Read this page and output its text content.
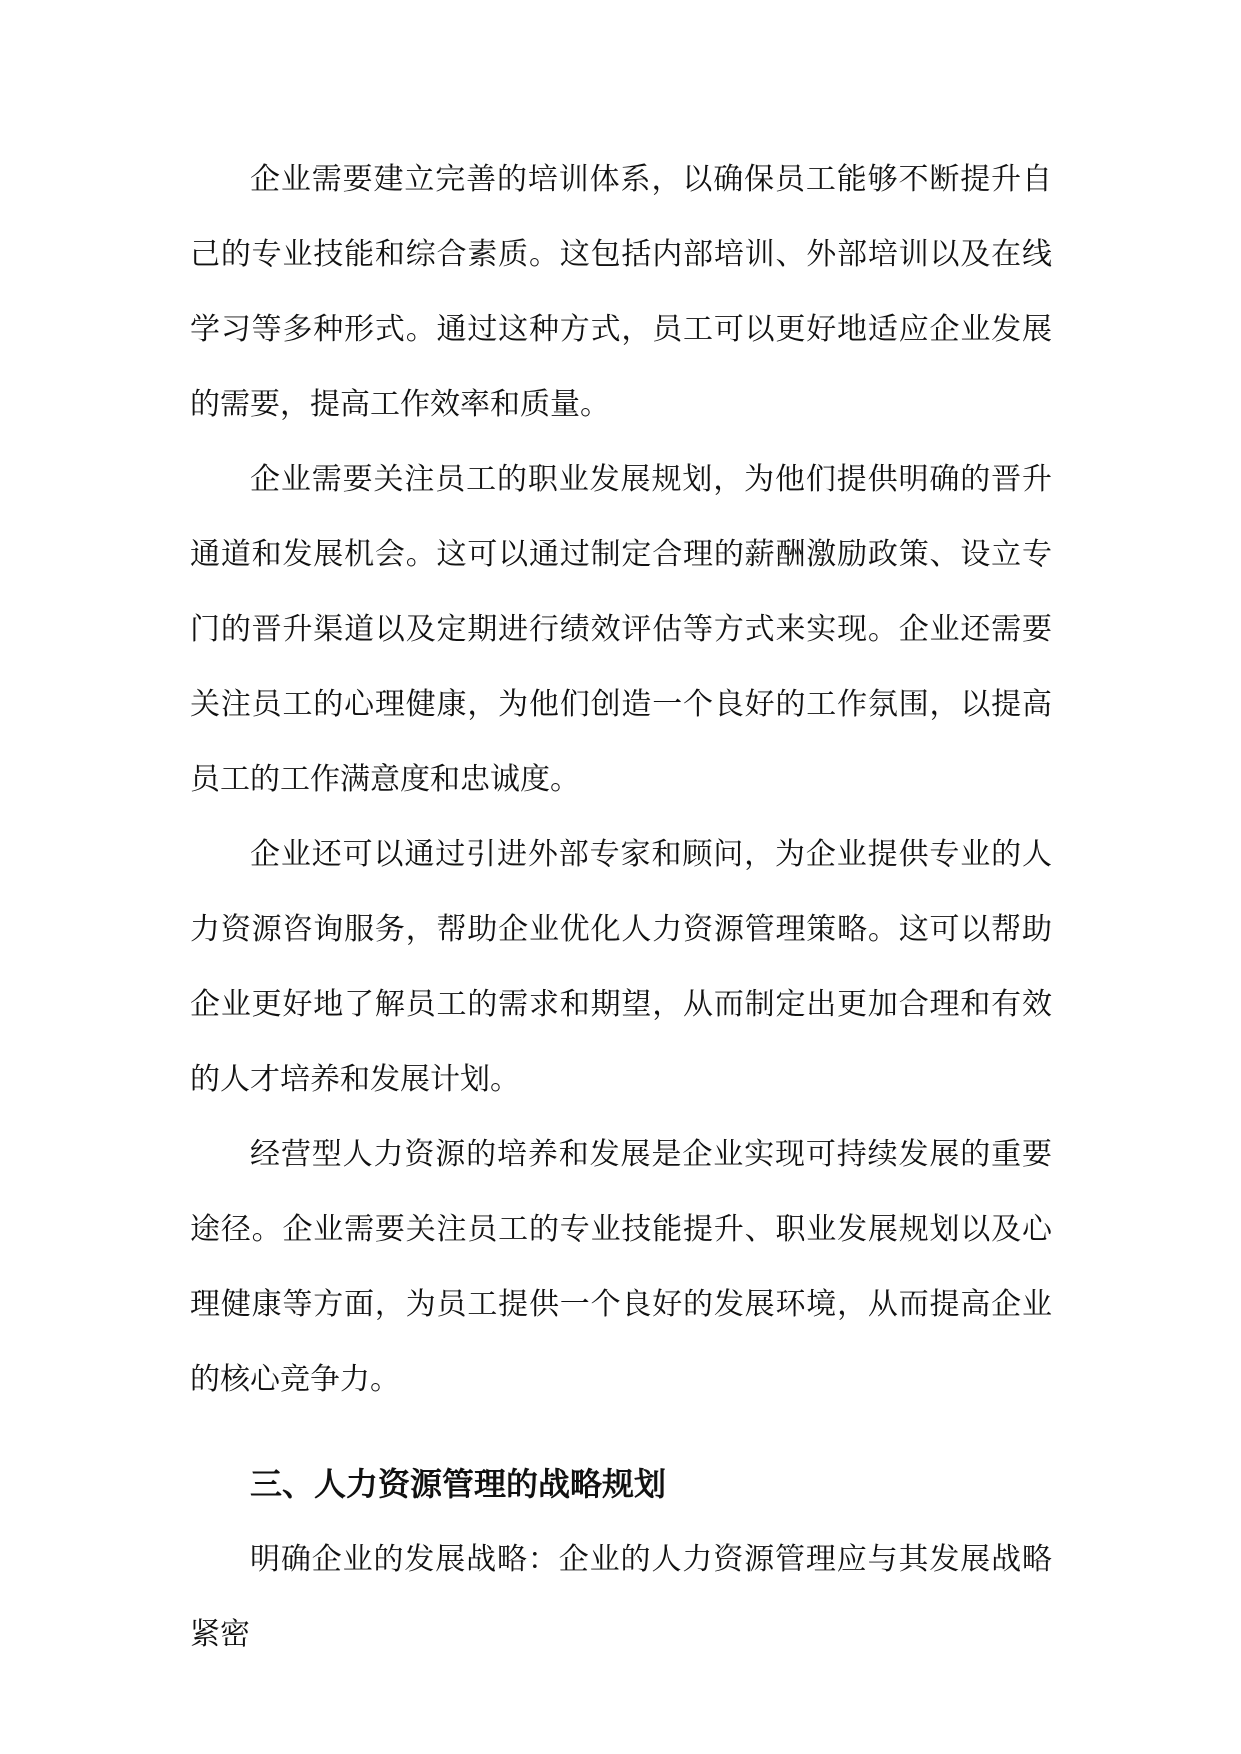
企业需要建立完善的培训体系，以确保员工能够不断提升自己的专业技能和综合素质。这包括内部培训、外部培训以及在线学习等多种形式。通过这种方式，员工可以更好地适应企业发展的需要，提高工作效率和质量。

企业需要关注员工的职业发展规划，为他们提供明确的晋升通道和发展机会。这可以通过制定合理的薪酬激励政策、设立专门的晋升渠道以及定期进行绩效评估等方式来实现。企业还需要关注员工的心理健康，为他们创造一个良好的工作氛围，以提高员工的工作满意度和忠诚度。

企业还可以通过引进外部专家和顾问，为企业提供专业的人力资源咨询服务，帮助企业优化人力资源管理策略。这可以帮助企业更好地了解员工的需求和期望，从而制定出更加合理和有效的人才培养和发展计划。

经营型人力资源的培养和发展是企业实现可持续发展的重要途径。企业需要关注员工的专业技能提升、职业发展规划以及心理健康等方面，为员工提供一个良好的发展环境，从而提高企业的核心竞争力。

三、人力资源管理的战略规划

明确企业的发展战略：企业的人力资源管理应与其发展战略紧密
